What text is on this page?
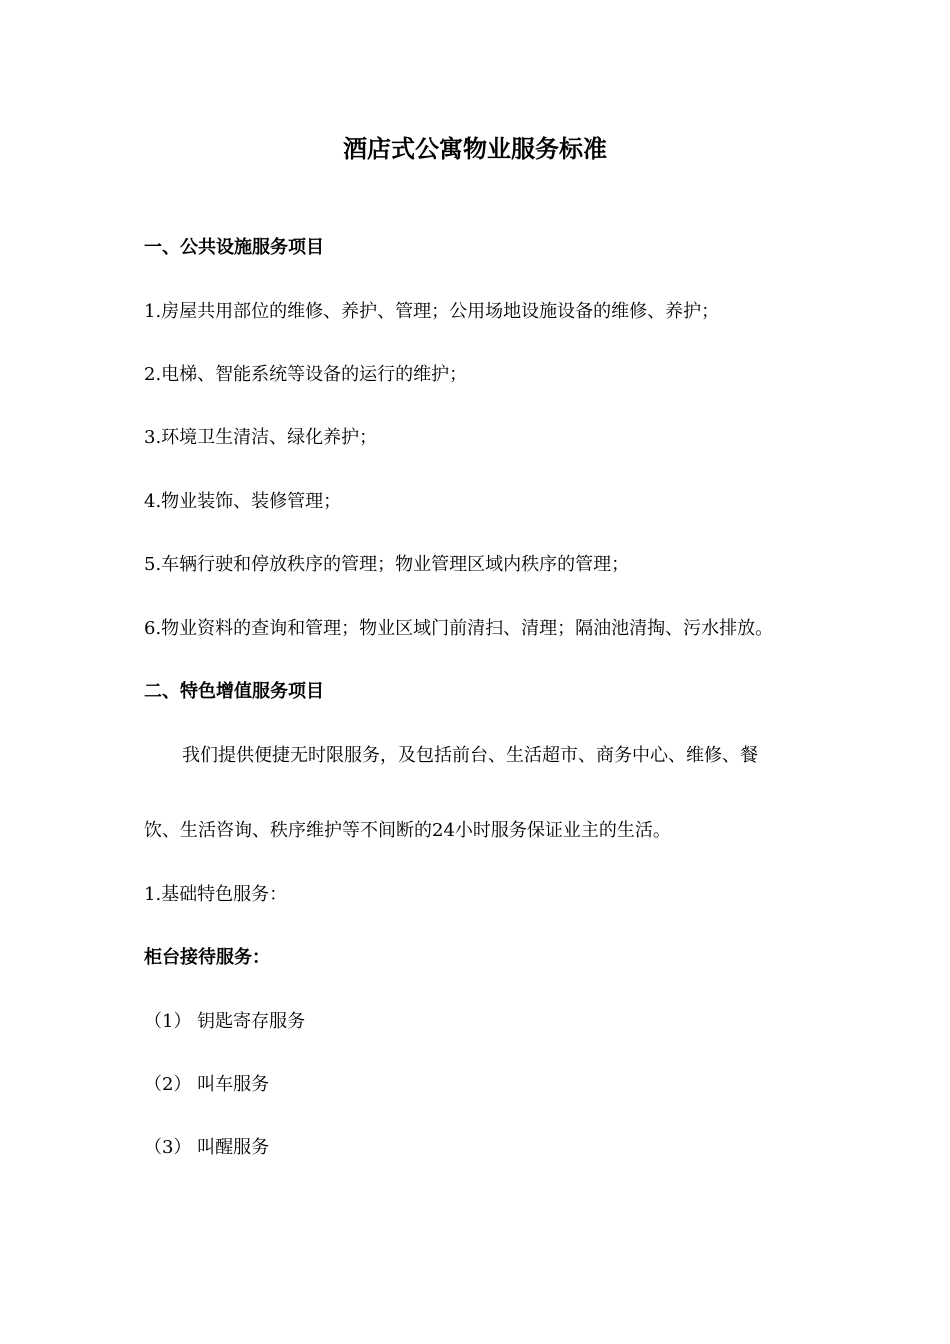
酒店式公寓物业服务标准
一、公共设施服务项目
1.房屋共用部位的维修、养护、管理；公用场地设施设备的维修、养护；
2.电梯、智能系统等设备的运行的维护；
3.环境卫生清洁、绿化养护；
4.物业装饰、装修管理；
5.车辆行驶和停放秩序的管理；物业管理区域内秩序的管理；
6.物业资料的查询和管理；物业区域门前清扫、清理；隔油池清掏、污水排放。
二、特色增值服务项目
我们提供便捷无时限服务，及包括前台、生活超市、商务中心、维修、餐
饮、生活咨询、秩序维护等不间断的24小时服务保证业主的生活。
1.基础特色服务：
柜台接待服务：
（1） 钥匙寄存服务
（2） 叫车服务
（3） 叫醒服务
